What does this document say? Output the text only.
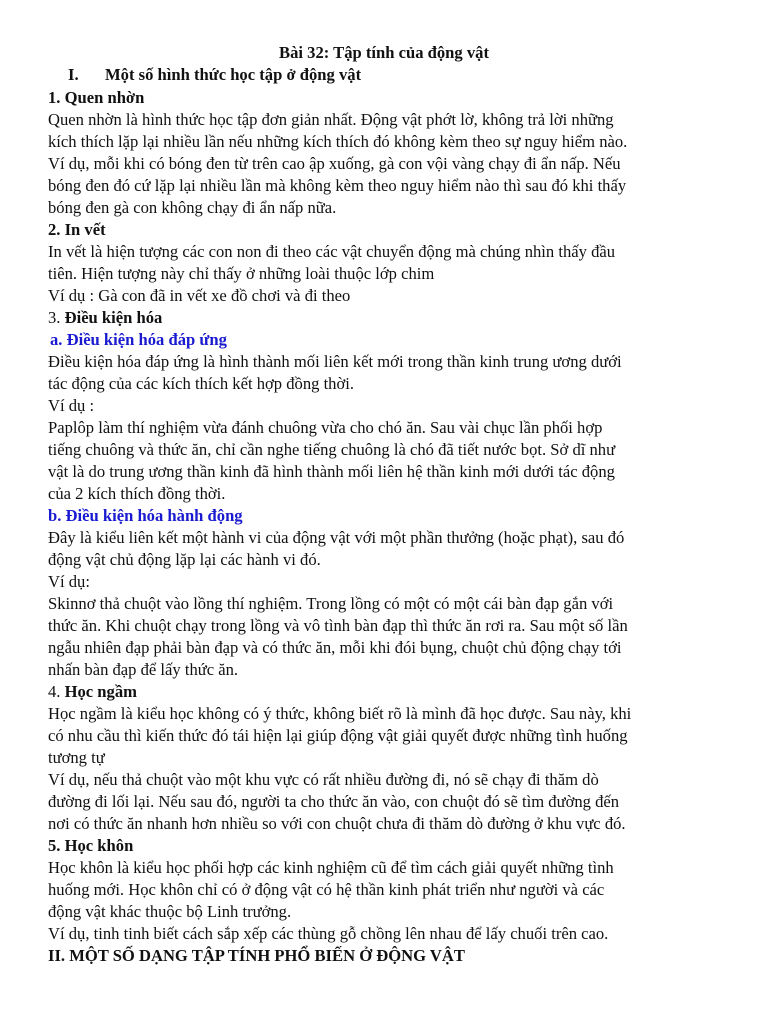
Bài 32: Tập tính của động vật
I. Một số hình thức học tập ở động vật
1. Quen nhờn
Quen nhờn là hình thức học tập đơn giản nhất. Động vật phớt lờ, không trả lời những
kích thích lặp lại nhiều lần nếu những kích thích đó không kèm theo sự nguy hiểm nào.
Ví dụ, mỗi khi có bóng đen từ trên cao ập xuống, gà con vội vàng chạy đi ẩn nấp. Nếu
bóng đen đó cứ lặp lại nhiều lần mà không kèm theo nguy hiểm nào thì sau đó khi thấy
bóng đen gà con không chạy đi ẩn nấp nữa.
2. In vết
In vết là hiện tượng các con non đi theo các vật chuyển động mà chúng nhìn thấy đầu
tiên. Hiện tượng này chỉ thấy ở những loài thuộc lớp chim
Ví dụ : Gà con đã in vết xe đồ chơi và đi theo
3. Điều kiện hóa
a. Điều kiện hóa đáp ứng
Điều kiện hóa đáp ứng là hình thành mối liên kết mới trong thần kinh trung ương dưới
tác động của các kích thích kết hợp đồng thời.
Ví dụ :
Paplôp làm thí nghiệm vừa đánh chuông vừa cho chó ăn. Sau vài chục lần phối hợp
tiếng chuông và thức ăn, chỉ cần nghe tiếng chuông là chó đã tiết nước bọt. Sở dĩ như
vật là do trung ương thần kinh đã hình thành mối liên hệ thần kinh mới dưới tác động
của 2 kích thích đồng thời.
b. Điều kiện hóa hành động
Đây là kiểu liên kết một hành vi của động vật với một phần thưởng (hoặc phạt), sau đó
động vật chủ động lặp lại các hành vi đó.
Ví dụ:
Skinnơ thả chuột vào lồng thí nghiệm. Trong lồng có một có một cái bàn đạp gắn với
thức ăn. Khi chuột chạy trong lồng và vô tình bàn đạp thì thức ăn rơi ra. Sau một số lần
ngẫu nhiên đạp phải bàn đạp và có thức ăn, mỗi khi đói bụng, chuột chủ động chạy tới
nhấn bàn đạp để lấy thức ăn.
4. Học ngầm
Học ngầm là kiểu học không có ý thức, không biết rõ là mình đã học được. Sau này, khi
có nhu cầu thì kiến thức đó tái hiện lại giúp động vật giải quyết được những tình huống
tương tự
Ví dụ, nếu thả chuột vào một khu vực có rất nhiều đường đi, nó sẽ chạy đi thăm dò
đường đi lối lại. Nếu sau đó, người ta cho thức ăn vào, con chuột đó sẽ tìm đường đến
nơi có thức ăn nhanh hơn nhiều so với con chuột chưa đi thăm dò đường ở khu vực đó.
5. Học khôn
Học khôn là kiểu học phối hợp các kinh nghiệm cũ để tìm cách giải quyết những tình
huống mới. Học khôn chỉ có ở động vật có hệ thần kinh phát triển như người và các
động vật khác thuộc bộ Linh trưởng.
Ví dụ, tinh tinh biết cách sắp xếp các thùng gỗ chồng lên nhau để lấy chuối trên cao.
II. MỘT SỐ DẠNG TẬP TÍNH PHỔ BIẾN Ở ĐỘNG VẬT
